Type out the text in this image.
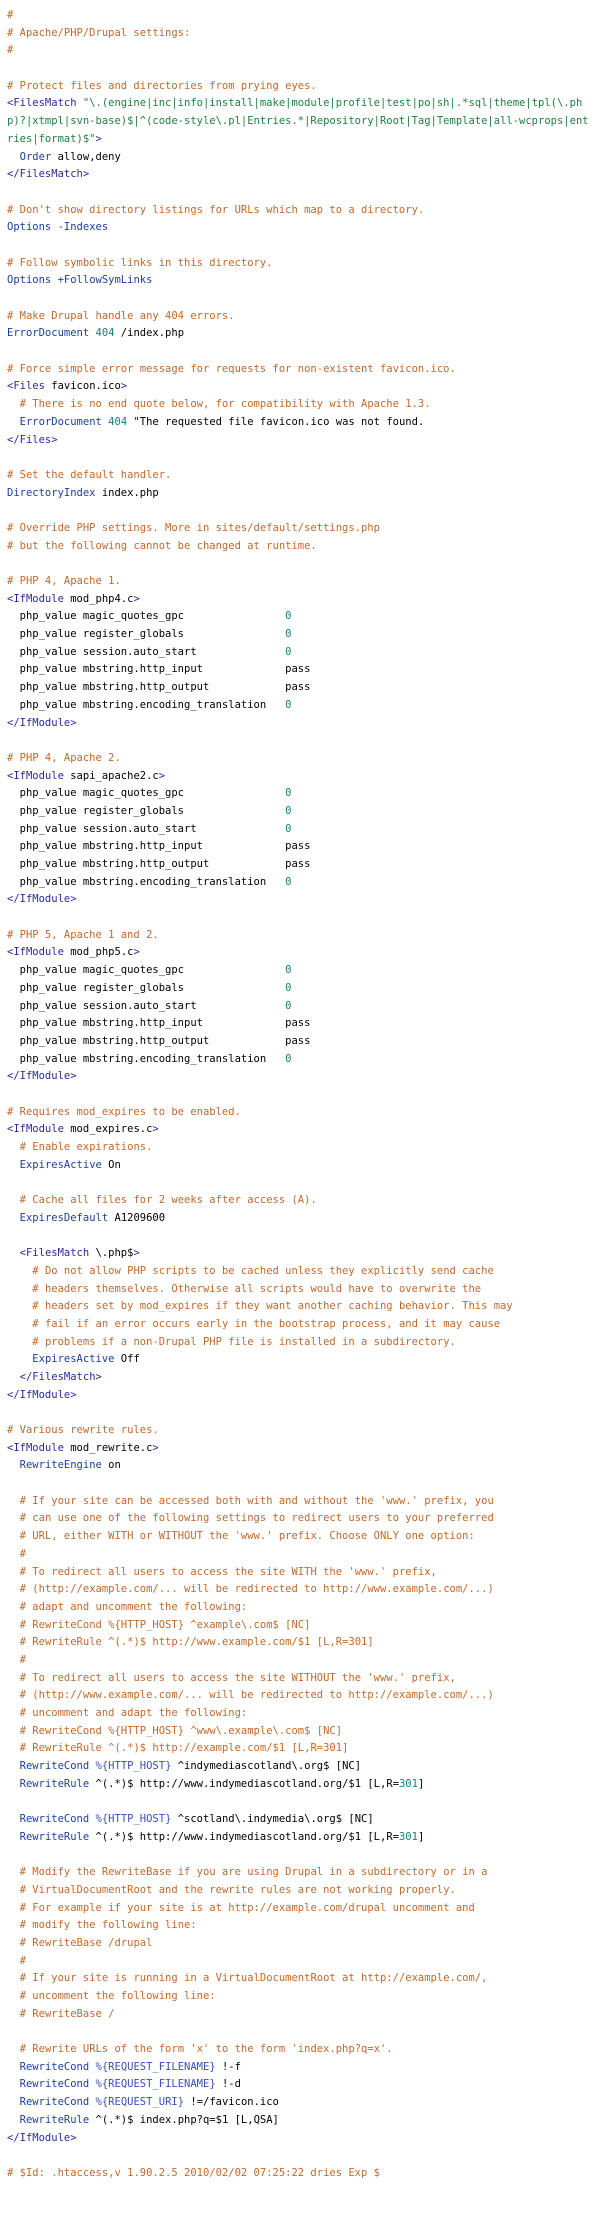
#
# Apache/PHP/Drupal settings:
#

# Protect files and directories from prying eyes.
<FilesMatch "\.(engine|inc|info|install|make|module|profile|test|po|sh|.*sql|theme|tpl(\.php)?|xtmpl|svn-base)$|^(code-style\.pl|Entries.*|Repository|Root|Tag|Template|all-wcprops|entries|format)$">
Order allow,deny
</FilesMatch>

# Don't show directory listings for URLs which map to a directory.
Options -Indexes

# Follow symbolic links in this directory.
Options +FollowSymLinks

# Make Drupal handle any 404 errors.
ErrorDocument 404 /index.php

# Force simple error message for requests for non-existent favicon.ico.
<Files favicon.ico>
# There is no end quote below, for compatibility with Apache 1.3.
ErrorDocument 404 "The requested file favicon.ico was not found.
</Files>

# Set the default handler.
DirectoryIndex index.php

# Override PHP settings. More in sites/default/settings.php
# but the following cannot be changed at runtime.

# PHP 4, Apache 1.
<IfModule mod_php4.c>
php_value magic_quotes_gpc                0
php_value register_globals                0
php_value session.auto_start              0
php_value mbstring.http_input             pass
php_value mbstring.http_output            pass
php_value mbstring.encoding_translation   0
</IfModule>

# PHP 4, Apache 2.
<IfModule sapi_apache2.c>
php_value magic_quotes_gpc                0
php_value register_globals                0
php_value session.auto_start              0
php_value mbstring.http_input             pass
php_value mbstring.http_output            pass
php_value mbstring.encoding_translation   0
</IfModule>

# PHP 5, Apache 1 and 2.
<IfModule mod_php5.c>
php_value magic_quotes_gpc                0
php_value register_globals                0
php_value session.auto_start              0
php_value mbstring.http_input             pass
php_value mbstring.http_output            pass
php_value mbstring.encoding_translation   0
</IfModule>

# Requires mod_expires to be enabled.
<IfModule mod_expires.c>
# Enable expirations.
ExpiresActive On

# Cache all files for 2 weeks after access (A).
ExpiresDefault A1209600

<FilesMatch \.php$>
# Do not allow PHP scripts to be cached unless they explicitly send cache
# headers themselves. Otherwise all scripts would have to overwrite the
# headers set by mod_expires if they want another caching behavior. This may
# fail if an error occurs early in the bootstrap process, and it may cause
# problems if a non-Drupal PHP file is installed in a subdirectory.
ExpiresActive Off
</FilesMatch>
</IfModule>

# Various rewrite rules.
<IfModule mod_rewrite.c>
RewriteEngine on

# If your site can be accessed both with and without the 'www.' prefix, you
# can use one of the following settings to redirect users to your preferred
# URL, either WITH or WITHOUT the 'www.' prefix. Choose ONLY one option:
#
# To redirect all users to access the site WITH the 'www.' prefix,
# (http://example.com/... will be redirected to http://www.example.com/...)
# adapt and uncomment the following:
# RewriteCond %{HTTP_HOST} ^example\.com$ [NC]
# RewriteRule ^(.*)$ http://www.example.com/$1 [L,R=301]
#
# To redirect all users to access the site WITHOUT the 'www.' prefix,
# (http://www.example.com/... will be redirected to http://example.com/...)
# uncomment and adapt the following:
# RewriteCond %{HTTP_HOST} ^www\.example\.com$ [NC]
# RewriteRule ^(.*)$ http://example.com/$1 [L,R=301]
RewriteCond %{HTTP_HOST} ^indymediascotland\.org$ [NC]
RewriteRule ^(.*)$ http://www.indymediascotland.org/$1 [L,R=301]

RewriteCond %{HTTP_HOST} ^scotland\.indymedia\.org$ [NC]
RewriteRule ^(.*)$ http://www.indymediascotland.org/$1 [L,R=301]

# Modify the RewriteBase if you are using Drupal in a subdirectory or in a
# VirtualDocumentRoot and the rewrite rules are not working properly.
# For example if your site is at http://example.com/drupal uncomment and
# modify the following line:
# RewriteBase /drupal
#
# If your site is running in a VirtualDocumentRoot at http://example.com/,
# uncomment the following line:
# RewriteBase /

# Rewrite URLs of the form 'x' to the form 'index.php?q=x'.
RewriteCond %{REQUEST_FILENAME} !-f
RewriteCond %{REQUEST_FILENAME} !-d
RewriteCond %{REQUEST_URI} !=/favicon.ico
RewriteRule ^(.*)$ index.php?q=$1 [L,QSA]
</IfModule>

# $Id: .htaccess,v 1.90.2.5 2010/02/02 07:25:22 dries Exp $
